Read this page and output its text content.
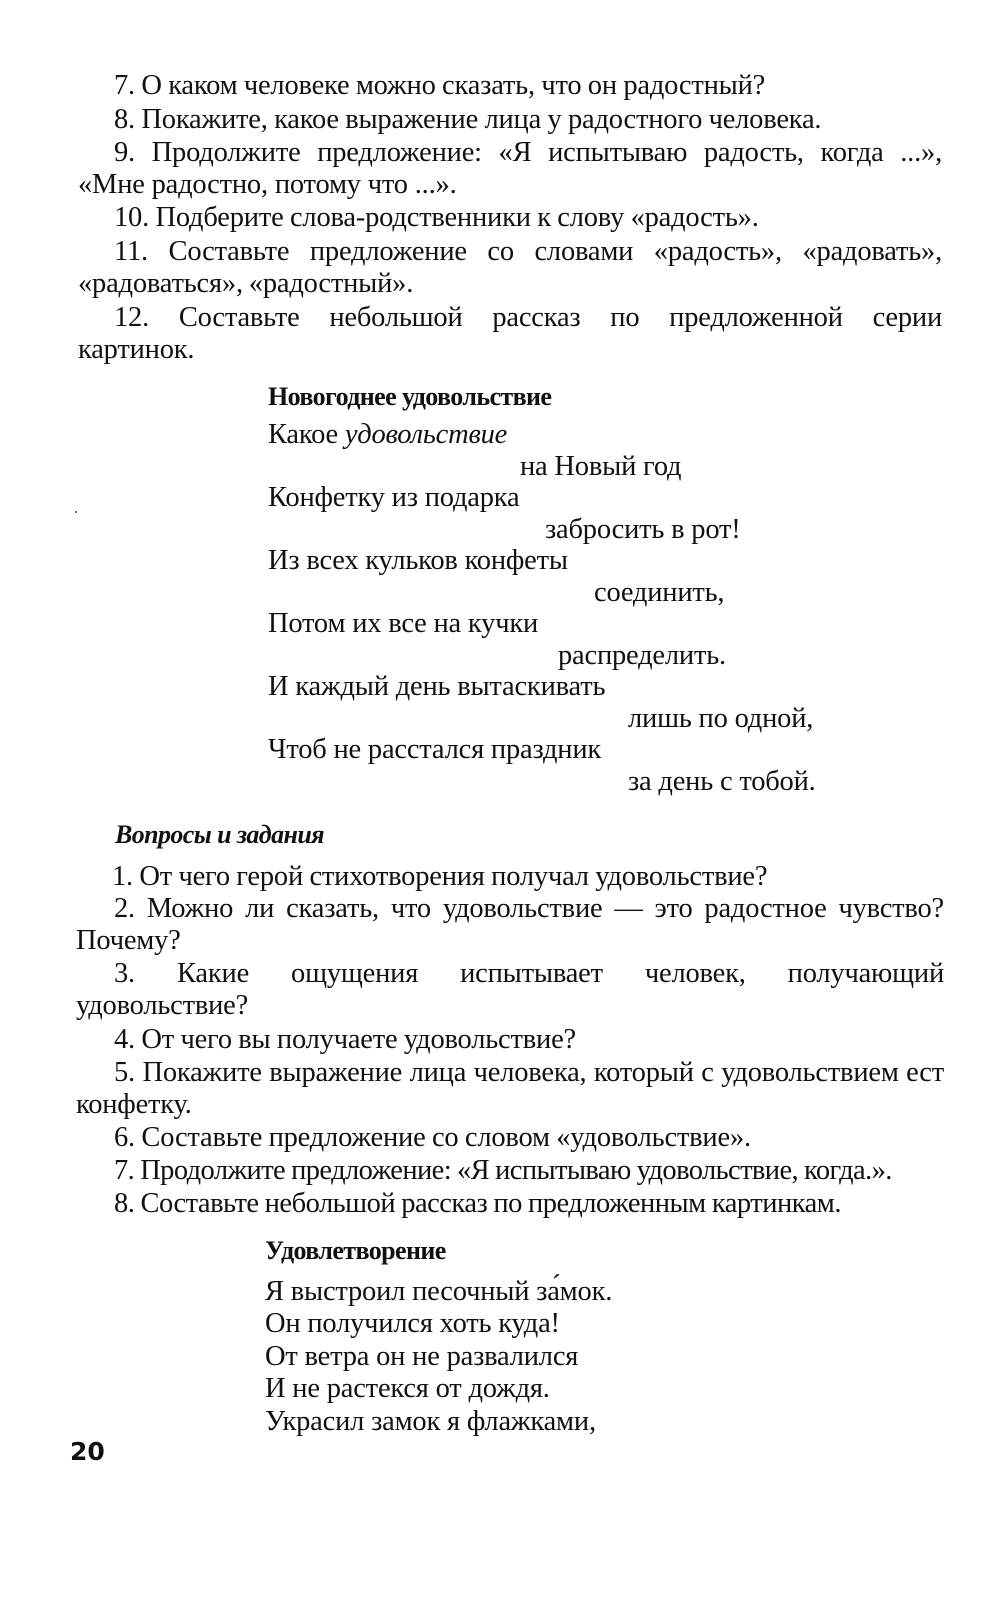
7. О каком человеке можно сказать, что он радостный?
8. Покажите, какое выражение лица у радостного человека.
9. Продолжите предложение: «Я испытываю радость, когда ...», «Мне радостно, потому что ...».
10. Подберите слова-родственники к слову «радость».
11. Составьте предложение со словами «радость», «радовать», «радоваться», «радостный».
12. Составьте небольшой рассказ по предложенной серии картинок.
Новогоднее удовольствие
Какое удовольствие
на Новый год
Конфетку из подарка
забросить в рот!
Из всех кульков конфеты
соединить,
Потом их все на кучки
распределить.
И каждый день вытаскивать
лишь по одной,
Чтоб не расстался праздник
за день с тобой.
Вопросы и задания
1. От чего герой стихотворения получал удовольствие?
2. Можно ли сказать, что удовольствие — это радостное чувство? Почему?
3. Какие ощущения испытывает человек, получающий удовольствие?
4. От чего вы получаете удовольствие?
5. Покажите выражение лица человека, который с удовольствием ест конфетку.
6. Составьте предложение со словом «удовольствие».
7. Продолжите предложение: «Я испытываю удовольствие, когда.».
8. Составьте небольшой рассказ по предложенным картинкам.
Удовлетворение
Я выстроил песочный за́мок.
Он получился хоть куда!
От ветра он не развалился
И не растекся от дождя.
Украсил замок я флажками,
20
